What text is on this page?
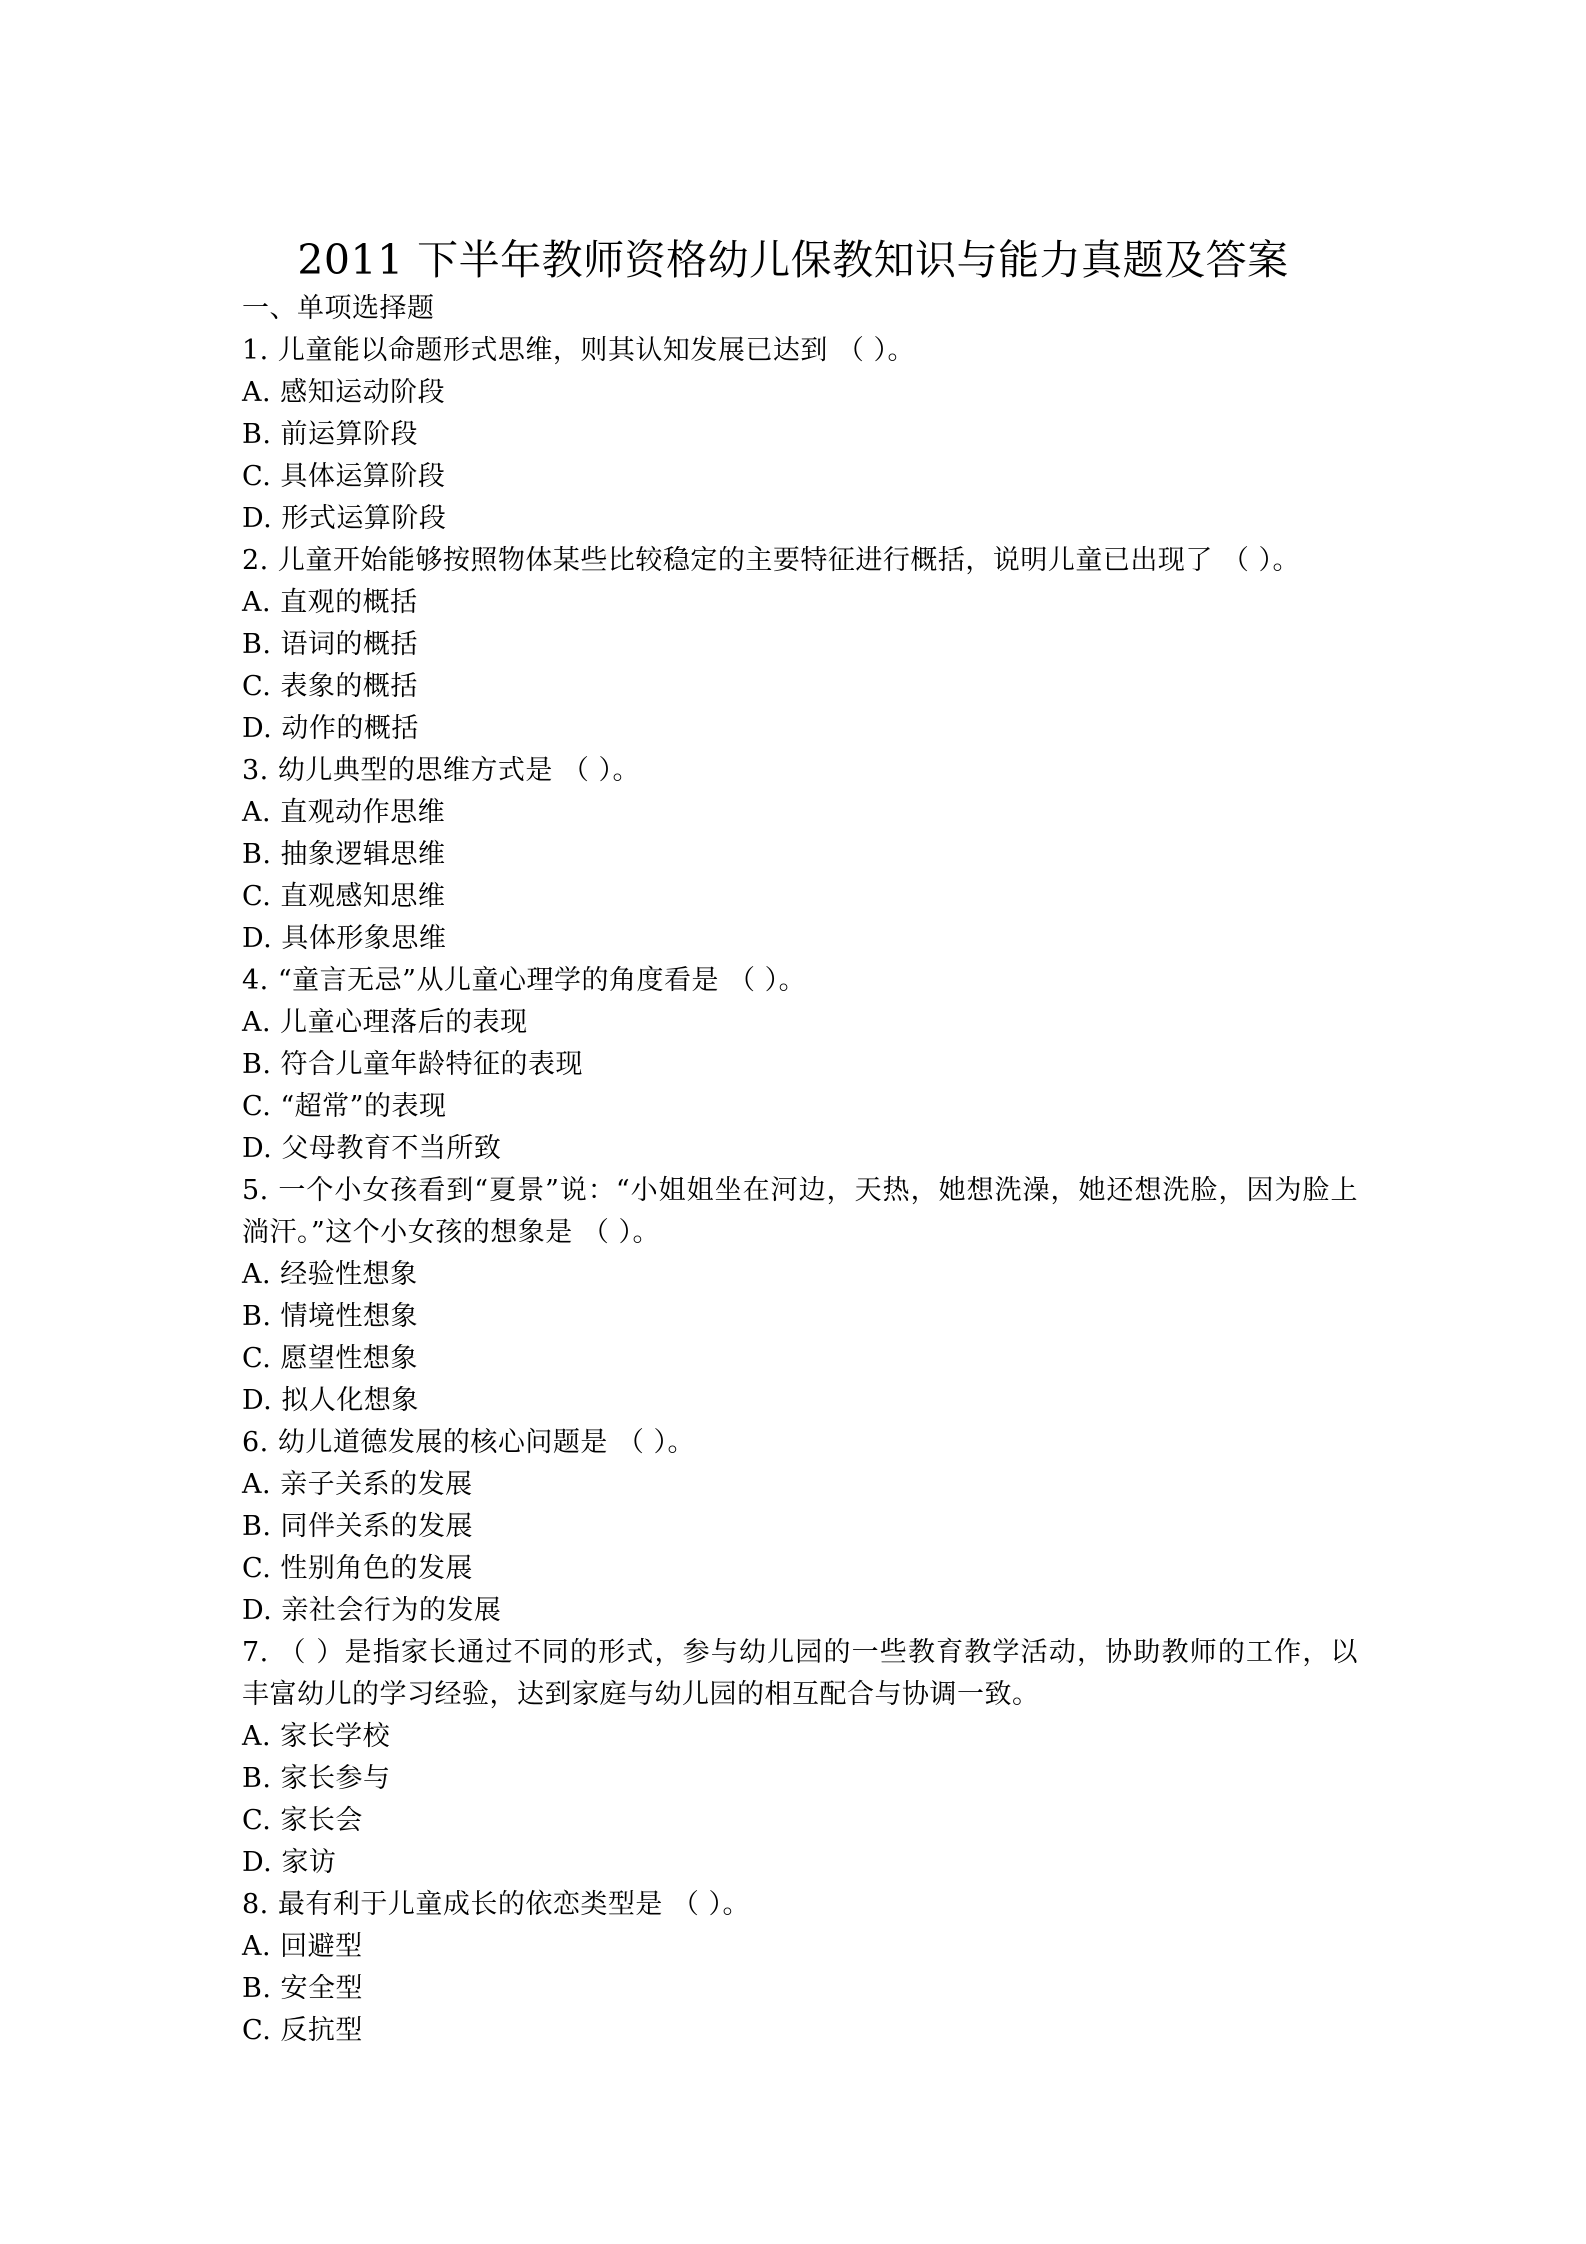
2011 下半年教师资格幼儿保教知识与能力真题及答案
一、单项选择题
1. 儿童能以命题形式思维，则其认知发展已达到 （ ）。
A. 感知运动阶段
B. 前运算阶段
C. 具体运算阶段
D. 形式运算阶段
2. 儿童开始能够按照物体某些比较稳定的主要特征进行概括，说明儿童已出现了 （ ）。
A. 直观的概括
B. 语词的概括
C. 表象的概括
D. 动作的概括
3. 幼儿典型的思维方式是 （ ）。
A. 直观动作思维
B. 抽象逻辑思维
C. 直观感知思维
D. 具体形象思维
4. “童言无忌”从儿童心理学的角度看是 （ ）。
A. 儿童心理落后的表现
B. 符合儿童年龄特征的表现
C. “超常”的表现
D. 父母教育不当所致
5. 一个小女孩看到“夏景”说：“小姐姐坐在河边，天热，她想洗澡，她还想洗脸，因为脸上淌汗。”这个小女孩的想象是 （ ）。
A. 经验性想象
B. 情境性想象
C. 愿望性想象
D. 拟人化想象
6. 幼儿道德发展的核心问题是 （ ）。
A. 亲子关系的发展
B. 同伴关系的发展
C. 性别角色的发展
D. 亲社会行为的发展
7. （ ）是指家长通过不同的形式，参与幼儿园的一些教育教学活动，协助教师的工作，以丰富幼儿的学习经验，达到家庭与幼儿园的相互配合与协调一致。
A. 家长学校
B. 家长参与
C. 家长会
D. 家访
8. 最有利于儿童成长的依恋类型是 （ ）。
A. 回避型
B. 安全型
C. 反抗型
